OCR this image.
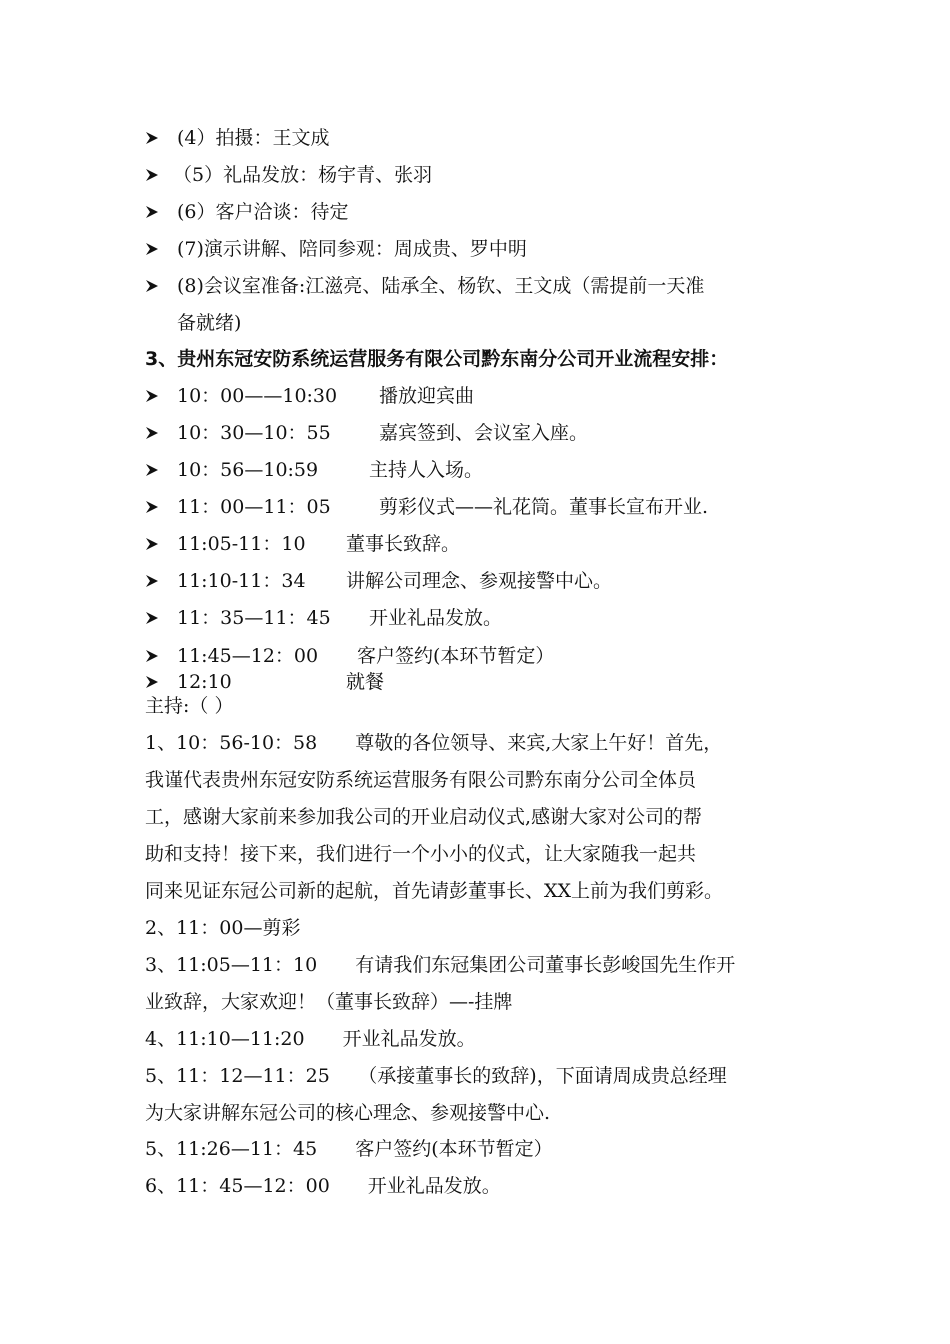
(4）拍摄：王文成
（5）礼品发放：杨宇青、张羽
(6）客户洽谈：待定
(7)演示讲解、陪同参观：周成贵、罗中明
(8)会议室准备:江滋亮、陆承全、杨钦、王文成（需提前一天准
备就绪)
3、贵州东冠安防系统运营服务有限公司黔东南分公司开业流程安排：
10：00——10:30 播放迎宾曲
10：30—10：55	嘉宾签到、会议室入座。
10：56—10:59	主持人入场。
11：00—11：05	剪彩仪式——礼花筒。董事长宣布开业.
11:05-11：10 董事长致辞。
11:10-11：34 讲解公司理念、参观接警中心。
11：35—11：45 开业礼品发放。
11:45—12：00 客户签约(本环节暂定）
12:10	就餐
主持:（ ）
1、10：56-10：58　　尊敬的各位领导、来宾,大家上午好！首先，
我谨代表贵州东冠安防系统运营服务有限公司黔东南分公司全体员
工，感谢大家前来参加我公司的开业启动仪式,感谢大家对公司的帮
助和支持！接下来，我们进行一个小小的仪式，让大家随我一起共
同来见证东冠公司新的起航，首先请彭董事长、XX上前为我们剪彩。
2、11：00—剪彩
3、11:05—11：10　　有请我们东冠集团公司董事长彭峻国先生作开
业致辞，大家欢迎！（董事长致辞）—-挂牌
4、11:10—11:20　　开业礼品发放。
5、11：12—11：25　　（承接董事长的致辞)，下面请周成贵总经理
为大家讲解东冠公司的核心理念、参观接警中心.
5、11:26—11：45　　客户签约(本环节暂定）
6、11：45—12：00　　开业礼品发放。
